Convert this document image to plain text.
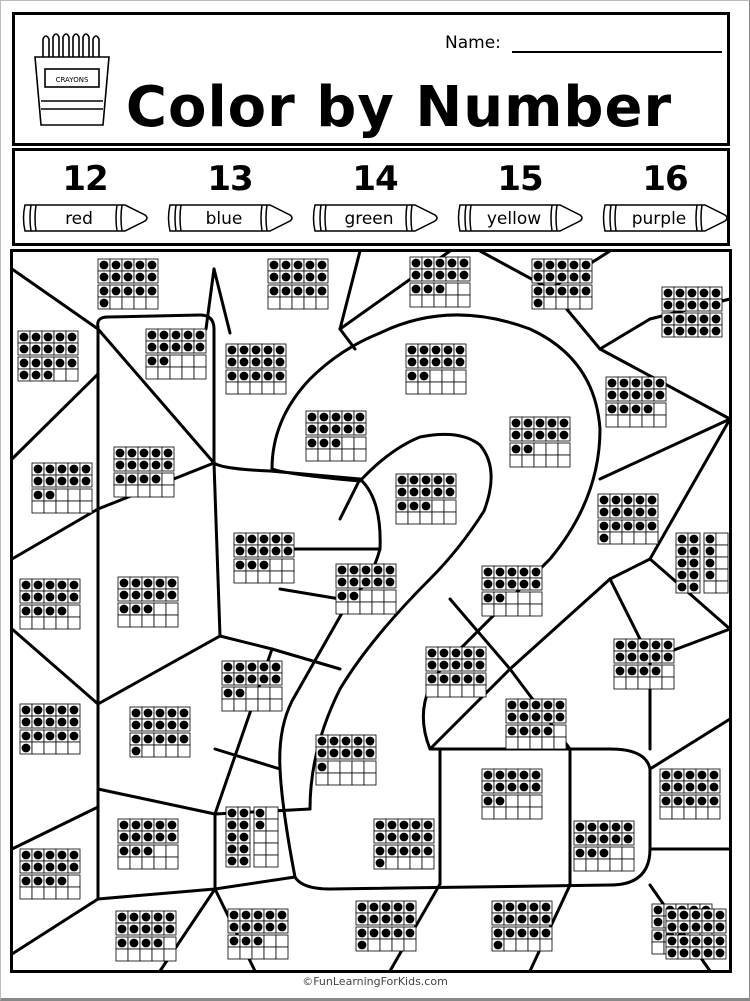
CRAYONS
Name:
Color by Number
12
red
13
blue
14
green
15
yellow
16
purple
©FunLearningForKids.com
